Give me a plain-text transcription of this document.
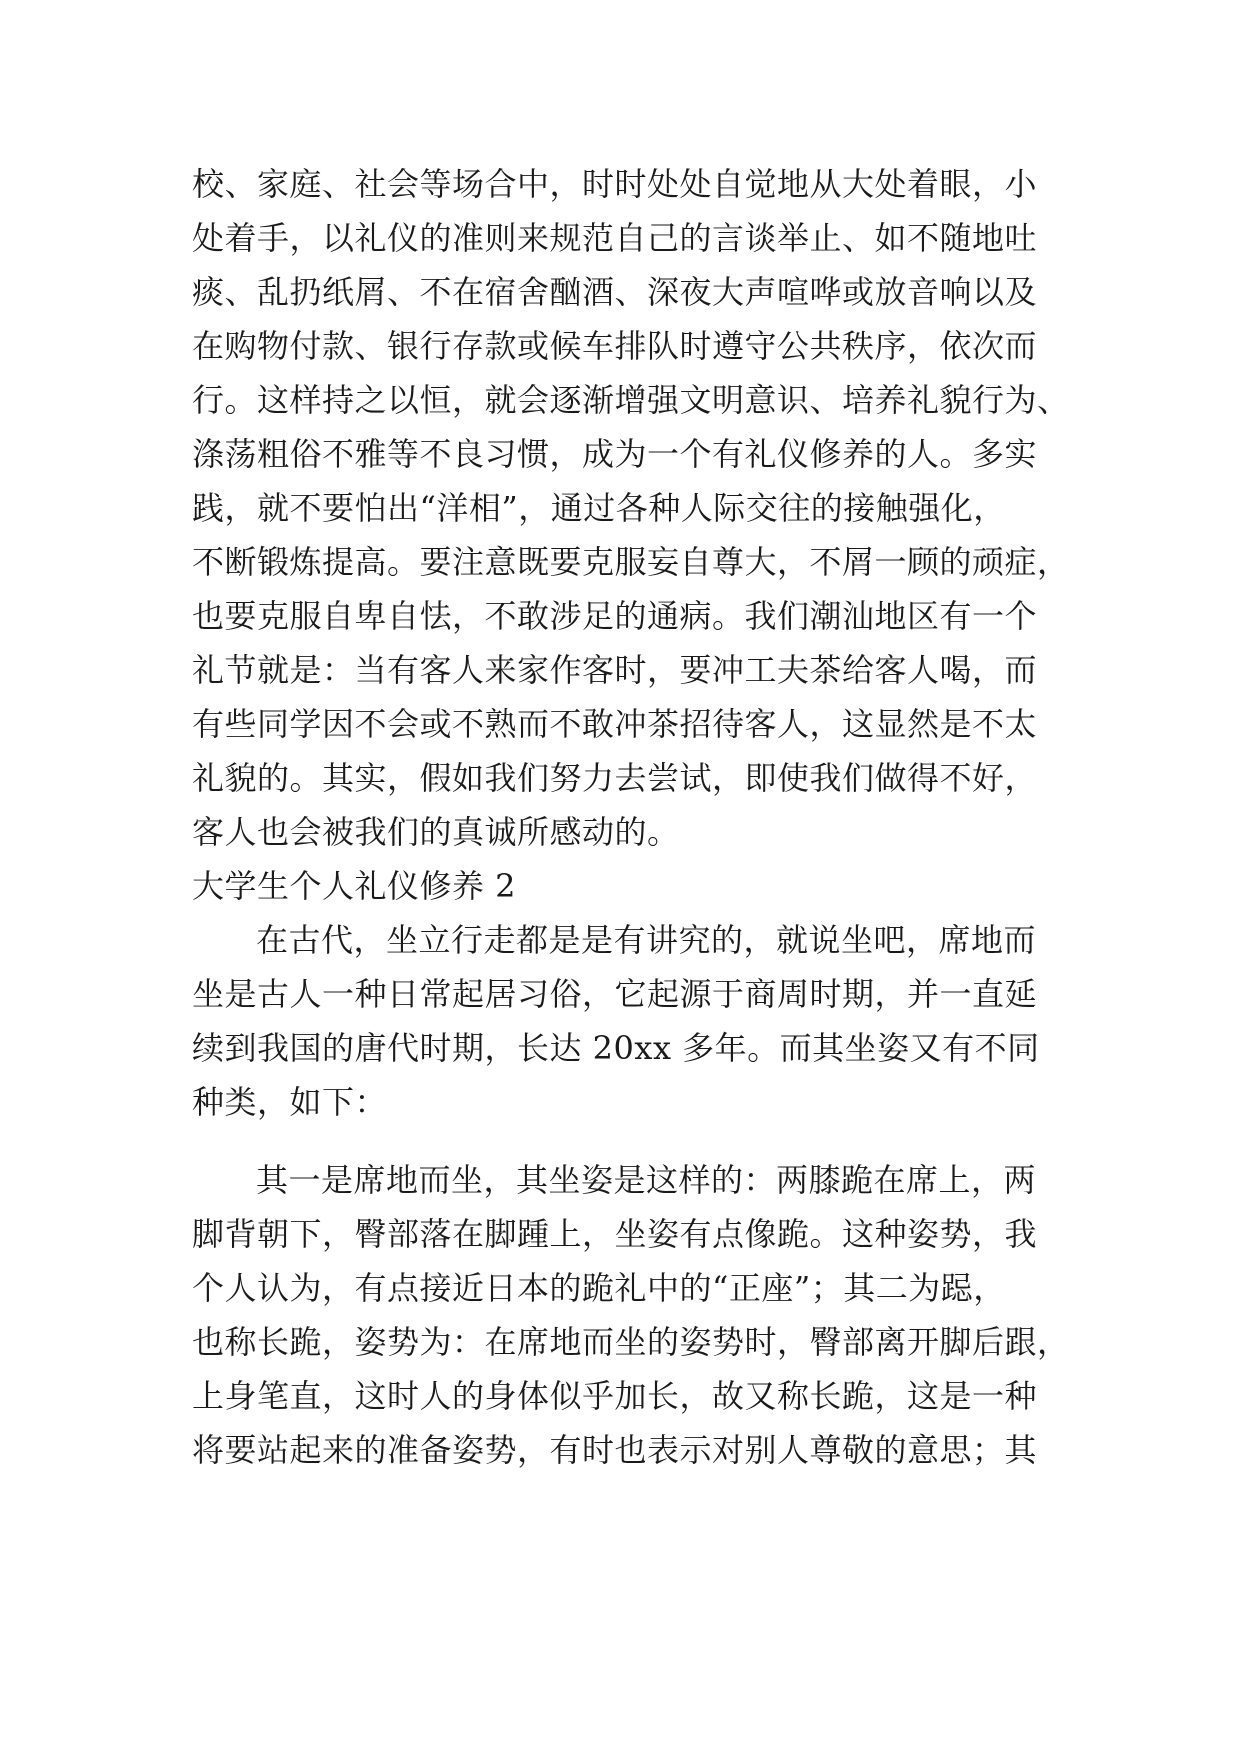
校、家庭、社会等场合中，时时处处自觉地从大处着眼，小
处着手，以礼仪的准则来规范自己的言谈举止、如不随地吐
痰、乱扔纸屑、不在宿舍酗酒、深夜大声喧哗或放音响以及
在购物付款、银行存款或候车排队时遵守公共秩序，依次而
行。这样持之以恒，就会逐渐增强文明意识、培养礼貌行为、
涤荡粗俗不雅等不良习惯，成为一个有礼仪修养的人。多实
践，就不要怕出“洋相”，通过各种人际交往的接触强化，
不断锻炼提高。要注意既要克服妄自尊大，不屑一顾的顽症，
也要克服自卑自怯，不敢涉足的通病。我们潮汕地区有一个
礼节就是：当有客人来家作客时，要冲工夫茶给客人喝，而
有些同学因不会或不熟而不敢冲茶招待客人，这显然是不太
礼貌的。其实，假如我们努力去尝试，即使我们做得不好，
客人也会被我们的真诚所感动的。
大学生个人礼仪修养 2
在古代，坐立行走都是是有讲究的，就说坐吧，席地而
坐是古人一种日常起居习俗，它起源于商周时期，并一直延
续到我国的唐代时期，长达 20xx 多年。而其坐姿又有不同
种类，如下：
其一是席地而坐，其坐姿是这样的：两膝跪在席上，两
脚背朝下，臀部落在脚踵上，坐姿有点像跪。这种姿势，我
个人认为，有点接近日本的跪礼中的“正座”；其二为跽，
也称长跪，姿势为：在席地而坐的姿势时，臀部离开脚后跟，
上身笔直，这时人的身体似乎加长，故又称长跪，这是一种
将要站起来的准备姿势，有时也表示对别人尊敬的意思；其
